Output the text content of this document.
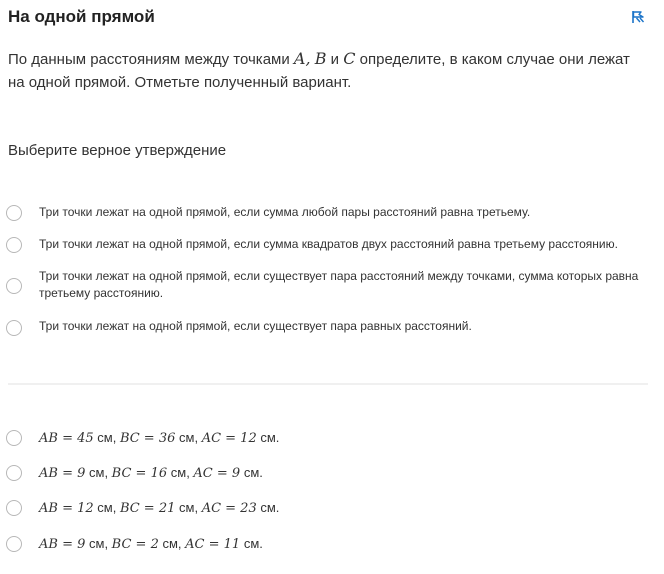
На одной прямой
По данным расстояниям между точками A, B и C определите, в каком случае они лежат на одной прямой. Отметьте полученный вариант.
Выберите верное утверждение
Три точки лежат на одной прямой, если сумма любой пары расстояний равна третьему.
Три точки лежат на одной прямой, если сумма квадратов двух расстояний равна третьему расстоянию.
Три точки лежат на одной прямой, если существует пара расстояний между точками, сумма которых равна третьему расстоянию.
Три точки лежат на одной прямой, если существует пара равных расстояний.
AB = 45 см, BC = 36 см, AC = 12 см.
AB = 9 см, BC = 16 см, AC = 9 см.
AB = 12 см, BC = 21 см, AC = 23 см.
AB = 9 см, BC = 2 см, AC = 11 см.
